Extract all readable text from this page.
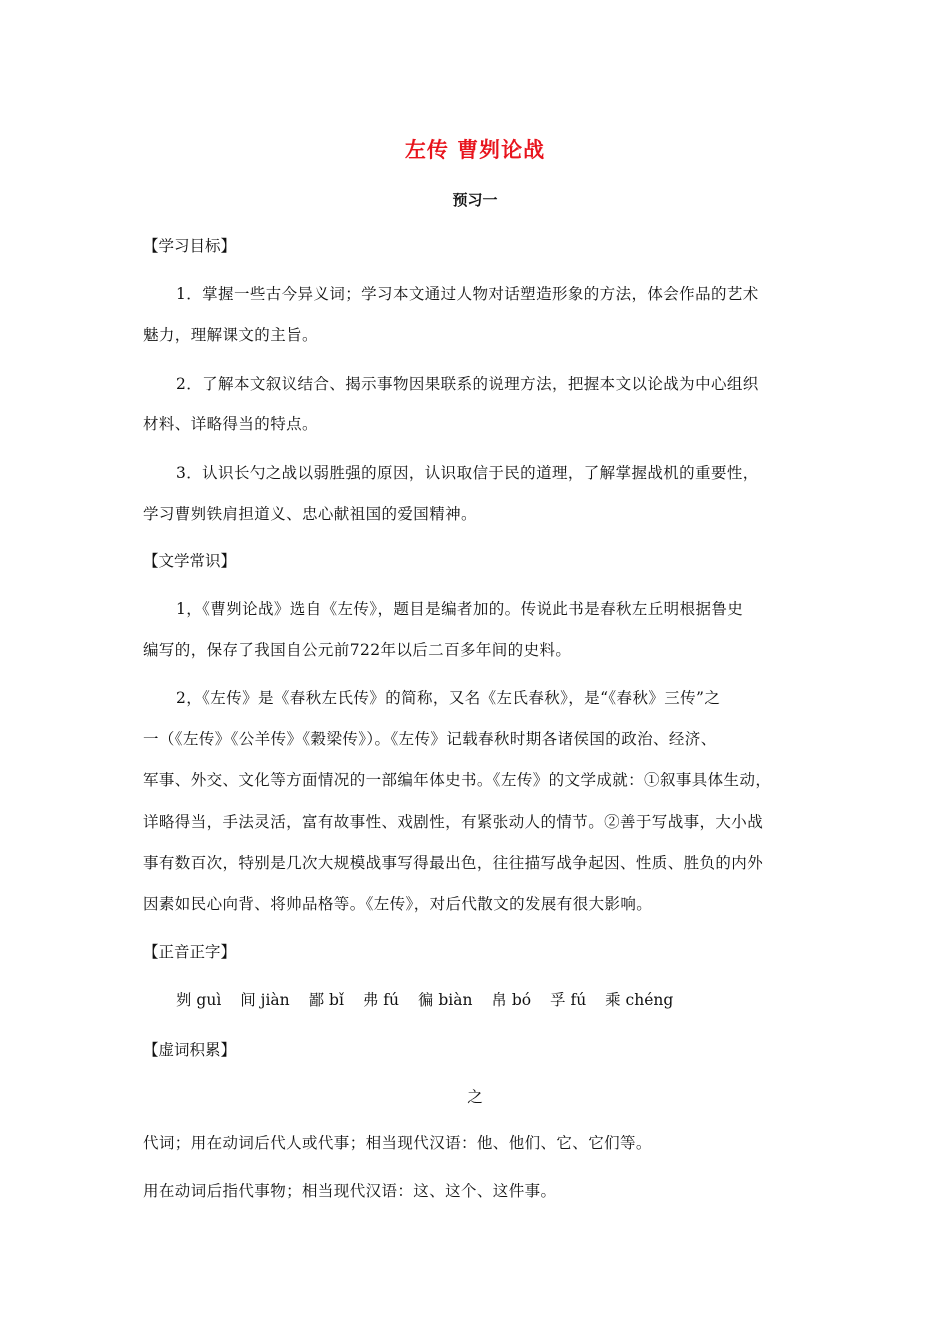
左传 曹刿论战
预习一
【学习目标】
1．掌握一些古今异义词；学习本文通过人物对话塑造形象的方法，体会作品的艺术
魅力，理解课文的主旨。
2．了解本文叙议结合、揭示事物因果联系的说理方法，把握本文以论战为中心组织
材料、详略得当的特点。
3．认识长勺之战以弱胜强的原因，认识取信于民的道理，了解掌握战机的重要性，
学习曹刿铁肩担道义、忠心献祖国的爱国精神。
【文学常识】
1，《曹刿论战》选自《左传》，题目是编者加的。传说此书是春秋左丘明根据鲁史
编写的，保存了我国自公元前722年以后二百多年间的史料。
2，《左传》是《春秋左氏传》的简称，又名《左氏春秋》，是“《春秋》三传”之
一（《左传》《公羊传》《穀梁传》）。《左传》记载春秋时期各诸侯国的政治、经济、
军事、外交、文化等方面情况的一部编年体史书。《左传》的文学成就：①叙事具体生动，
详略得当，手法灵活，富有故事性、戏剧性，有紧张动人的情节。②善于写战事，大小战
事有数百次，特别是几次大规模战事写得最出色，往往描写战争起因、性质、胜负的内外
因素如民心向背、将帅品格等。《左传》，对后代散文的发展有很大影响。
【正音正字】
刿 guì 间 jiàn 鄙 bǐ 弗 fú 徧 biàn 帛 bó 孚 fú 乘 chéng
【虚词积累】
之
代词；用在动词后代人或代事；相当现代汉语：他、他们、它、它们等。
用在动词后指代事物；相当现代汉语：这、这个、这件事。
